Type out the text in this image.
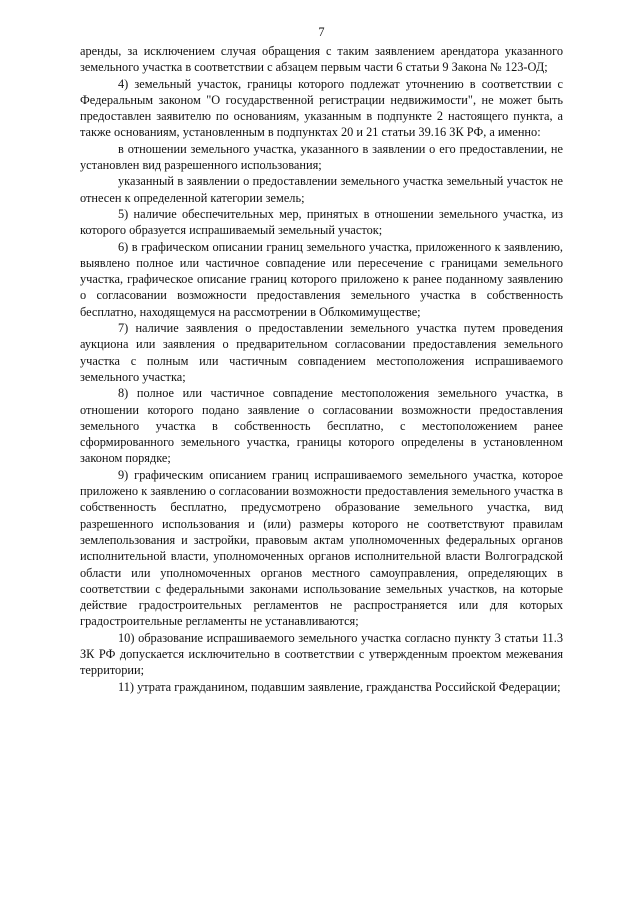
7

аренды, за исключением случая обращения с таким заявлением арендатора указанного земельного участка в соответствии с абзацем первым части 6 статьи 9 Закона № 123-ОД;

4) земельный участок, границы которого подлежат уточнению в соответствии с Федеральным законом "О государственной регистрации недвижимости", не может быть предоставлен заявителю по основаниям, указанным в подпункте 2 настоящего пункта, а также основаниям, установленным в подпунктах 20 и 21 статьи 39.16 ЗК РФ, а именно:

в отношении земельного участка, указанного в заявлении о его предоставлении, не установлен вид разрешенного использования;

указанный в заявлении о предоставлении земельного участка земельный участок не отнесен к определенной категории земель;

5) наличие обеспечительных мер, принятых в отношении земельного участка, из которого образуется испрашиваемый земельный участок;

6) в графическом описании границ земельного участка, приложенного к заявлению, выявлено полное или частичное совпадение или пересечение с границами земельного участка, графическое описание границ которого приложено к ранее поданному заявлению о согласовании возможности предоставления земельного участка в собственность бесплатно, находящемуся на рассмотрении в Облкомимуществе;

7) наличие заявления о предоставлении земельного участка путем проведения аукциона или заявления о предварительном согласовании предоставления земельного участка с полным или частичным совпадением местоположения испрашиваемого земельного участка;

8) полное или частичное совпадение местоположения земельного участка, в отношении которого подано заявление о согласовании возможности предоставления земельного участка в собственность бесплатно, с местоположением ранее сформированного земельного участка, границы которого определены в установленном законом порядке;

9) графическим описанием границ испрашиваемого земельного участка, которое приложено к заявлению о согласовании возможности предоставления земельного участка в собственность бесплатно, предусмотрено образование земельного участка, вид разрешенного использования и (или) размеры которого не соответствуют правилам землепользования и застройки, правовым актам уполномоченных федеральных органов исполнительной власти, уполномоченных органов исполнительной власти Волгоградской области или уполномоченных органов местного самоуправления, определяющих в соответствии с федеральными законами использование земельных участков, на которые действие градостроительных регламентов не распространяется или для которых градостроительные регламенты не устанавливаются;

10) образование испрашиваемого земельного участка согласно пункту 3 статьи 11.3 ЗК РФ допускается исключительно в соответствии с утвержденным проектом межевания территории;

11) утрата гражданином, подавшим заявление, гражданства Российской Федерации;
